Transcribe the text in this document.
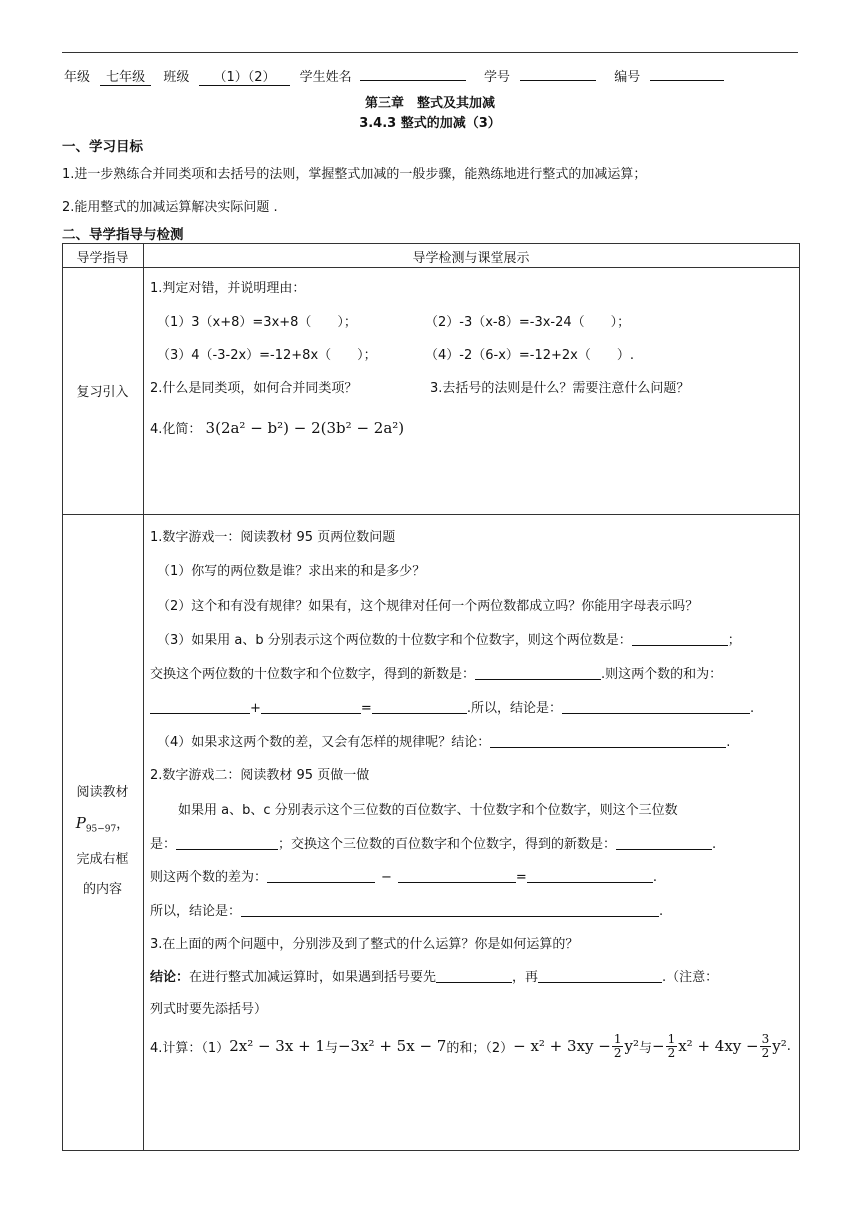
年级 七年级 班级 （1）（2） 学生姓名	学号	编号
第三章　整式及其加减
3.4.3 整式的加减（3）
一、学习目标
1.进一步熟练合并同类项和去括号的法则，掌握整式加减的一般步骤，能熟练地进行整式的加减运算；
2.能用整式的加减运算解决实际问题 .
二、导学指导与检测
导学指导	导学检测与课堂展示
复习引入
阅读教材
$P_{95-97}$，
完成右框
的内容
1.判定对错，并说明理由：
（1）3（x+8）=3x+8（　　）；	（2）-3（x-8）=-3x-24（　　）；
（3）4（-3-2x）=-12+8x（　　）；	（4）-2（6-x）=-12+2x（　　）.
2.什么是同类项，如何合并同类项？	3.去括号的法则是什么？需要注意什么问题？
4.化简： 3(2a² − b²) − 2(3b² − 2a²)
1.数字游戏一：阅读教材 95 页两位数问题
（1）你写的两位数是谁？求出来的和是多少？
（2）这个和有没有规律？如果有，这个规律对任何一个两位数都成立吗？你能用字母表示吗？
（3）如果用 a、b 分别表示这个两位数的十位数字和个位数字，则这个两位数是：	；
交换这个两位数的十位数字和个位数字，得到的新数是：	.则这两个数的和为：
+	=	.所以，结论是：	.
（4）如果求这两个数的差，又会有怎样的规律呢？结论：	.
2.数字游戏二：阅读教材 95 页做一做
如果用 a、b、c 分别表示这个三位数的百位数字、十位数字和个位数字，则这个三位数
是：	；交换这个三位数的百位数字和个位数字，得到的新数是：	.
则这两个数的差为：	−	=	.
所以，结论是：	.
3.在上面的两个问题中，分别涉及到了整式的什么运算？你是如何运算的？
结论：在进行整式加减运算时，如果遇到括号要先	，再	.（注意：
列式时要先添括号）
4.计算：（1） 2x² − 3x + 1 与 −3x² + 5x − 7 的和；$(2) - x^2 + 3xy - \frac{1}{2} y^2$ 与 − $\frac{1}{2} x^2 + 4xy - \frac{3}{2} y^2$ .
